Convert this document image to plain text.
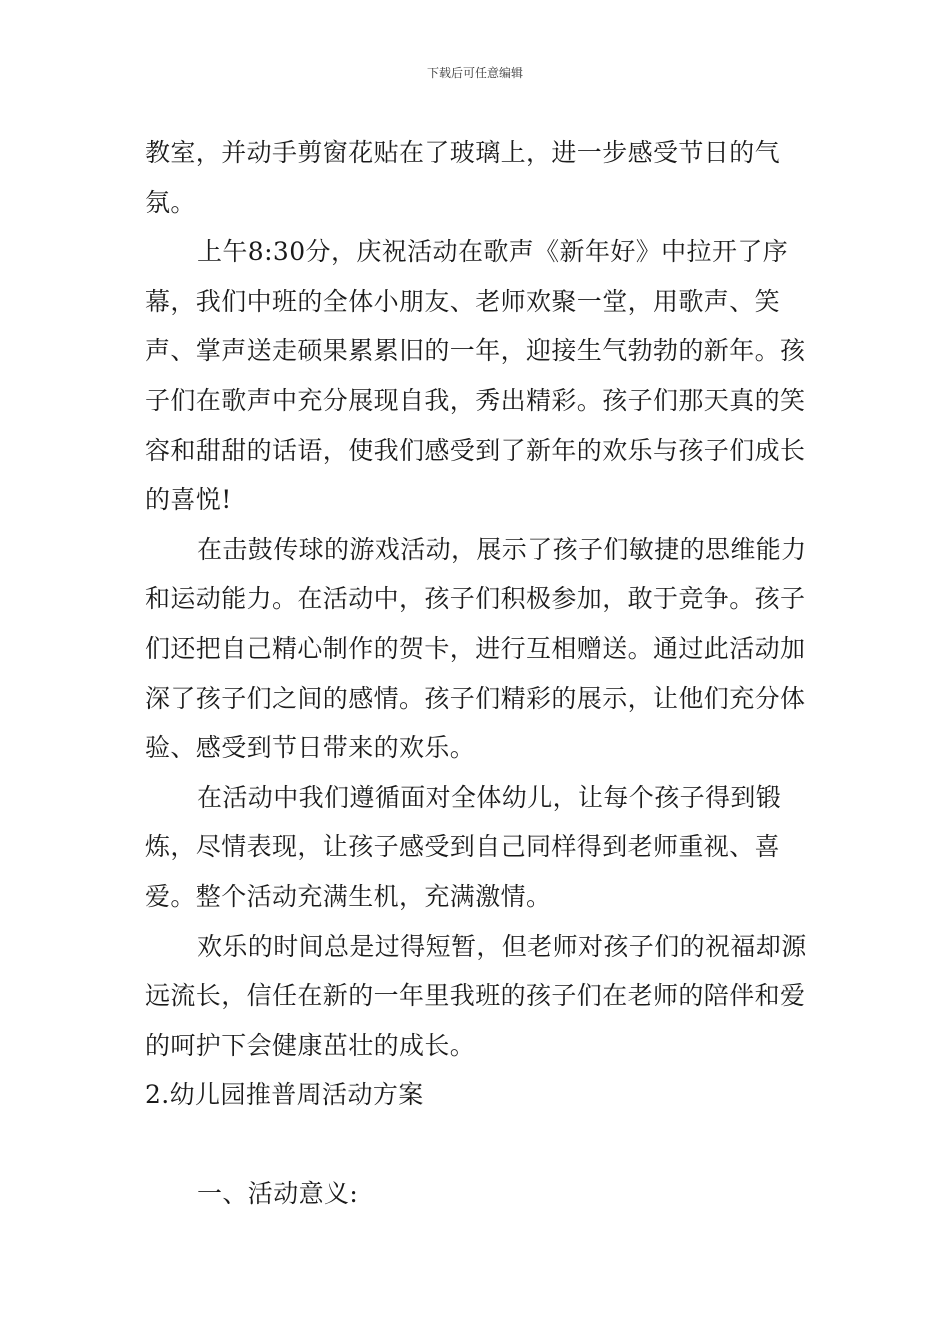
下载后可任意编辑

教室，并动手剪窗花贴在了玻璃上，进一步感受节日的气氛。

上午8:30分，庆祝活动在歌声《新年好》中拉开了序幕，我们中班的全体小朋友、老师欢聚一堂，用歌声、笑声、掌声送走硕果累累旧的一年，迎接生气勃勃的新年。孩子们在歌声中充分展现自我，秀出精彩。孩子们那天真的笑容和甜甜的话语，使我们感受到了新年的欢乐与孩子们成长的喜悦!

在击鼓传球的游戏活动，展示了孩子们敏捷的思维能力和运动能力。在活动中，孩子们积极参加，敢于竞争。孩子们还把自己精心制作的贺卡，进行互相赠送。通过此活动加深了孩子们之间的感情。孩子们精彩的展示，让他们充分体验、感受到节日带来的欢乐。

在活动中我们遵循面对全体幼儿，让每个孩子得到锻炼，尽情表现，让孩子感受到自己同样得到老师重视、喜爱。整个活动充满生机，充满激情。

欢乐的时间总是过得短暂，但老师对孩子们的祝福却源远流长，信任在新的一年里我班的孩子们在老师的陪伴和爱的呵护下会健康茁壮的成长。

2.幼儿园推普周活动方案

一、活动意义:
